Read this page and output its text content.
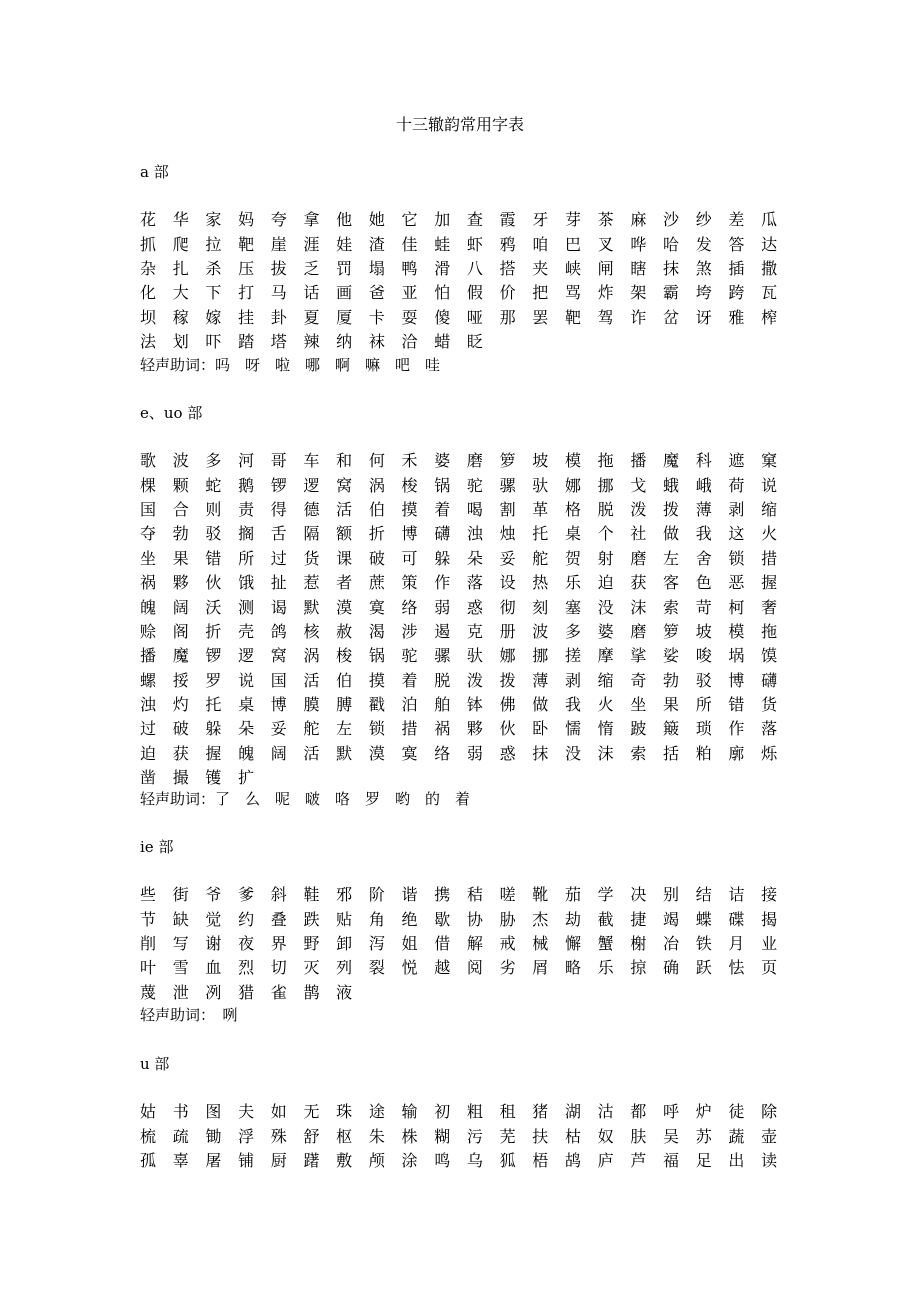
十三辙韵常用字表
a 部
花	华	家	妈	夸	拿	他	她	它	加	查	霞	牙	芽	茶	麻	沙	纱	差	瓜
抓	爬	拉	靶	崖	涯	娃	渣	佳	蛙	虾	鸦	咱	巴	叉	哗	哈	发	答	达
杂	扎	杀	压	拔	乏	罚	塌	鸭	滑	八	搭	夹	峡	闸	瞎	抹	煞	插	撒
化	大	下	打	马	话	画	爸	亚	怕	假	价	把	骂	炸	架	霸	垮	跨	瓦
坝	稼	嫁	挂	卦	夏	厦	卡	耍	傻	哑	那	罢	靶	驾	诈	岔	讶	雅	榨
法	划	吓	踏	塔	辣	纳	袜	洽	蜡	眨
轻声助词：吗　呀　啦　哪　啊　嘛　吧　哇
e、uo 部
歌	波	多	河	哥	车	和	何	禾	婆	磨	箩	坡	模	拖	播	魔	科	遮	窠
棵	颗	蛇	鹅	锣	逻	窝	涡	梭	锅	驼	骡	驮	娜	挪	戈	蛾	峨	荷	说
国	合	则	责	得	德	活	伯	摸	着	喝	割	革	格	脱	泼	拨	薄	剥	缩
夺	勃	驳	搁	舌	隔	额	折	博	礴	浊	烛	托	桌	个	社	做	我	这	火
坐	果	错	所	过	货	课	破	可	躲	朵	妥	舵	贺	射	磨	左	舍	锁	措
祸	夥	伙	饿	扯	惹	者	蔗	策	作	落	设	热	乐	迫	获	客	色	恶	握
魄	阔	沃	测	谒	默	漠	寞	络	弱	惑	彻	刻	塞	没	沫	索	苛	柯	奢
赊	阁	折	壳	鸽	核	赦	渴	涉	遏	克	册	波	多	婆	磨	箩	坡	模	拖
播	魔	锣	逻	窝	涡	梭	锅	驼	骡	驮	娜	挪	搓	摩	挲	娑	唆	埚	馍
螺	挼	罗	说	国	活	伯	摸	着	脱	泼	拨	薄	剥	缩	奇	勃	驳	博	礴
浊	灼	托	桌	博	膜	膊	戳	泊	舶	钵	佛	做	我	火	坐	果	所	错	货
过	破	躲	朵	妥	舵	左	锁	措	祸	夥	伙	卧	懦	惰	跛	簸	琐	作	落
迫	获	握	魄	阔	活	默	漠	寞	络	弱	惑	抹	没	沫	索	括	粕	廓	烁
凿	撮	镬	扩
轻声助词：了　么　呢　啵　咯　罗　哟　的　着
ie 部
些	街	爷	爹	斜	鞋	邪	阶	谐	携	秸	嗟	靴	茄	学	决	别	结	诘	接
节	缺	觉	约	叠	跌	贴	角	绝	歇	协	胁	杰	劫	截	捷	竭	蝶	碟	揭
削	写	谢	夜	界	野	卸	泻	姐	借	解	戒	械	懈	蟹	榭	冶	铁	月	业
叶	雪	血	烈	切	灭	列	裂	悦	越	阅	劣	屑	略	乐	掠	确	跃	怯	页
蔑	泄	冽	猎	雀	鹊	液
轻声助词：　咧
u 部
姑	书	图	夫	如	无	珠	途	输	初	粗	租	猪	湖	沽	都	呼	炉	徒	除
梳	疏	锄	浮	殊	舒	枢	朱	株	糊	污	芜	扶	枯	奴	肤	吴	苏	蔬	壶
孤	辜	屠	铺	厨	躇	敷	颅	涂	鸣	乌	狐	梧	鸪	庐	芦	福	足	出	读
